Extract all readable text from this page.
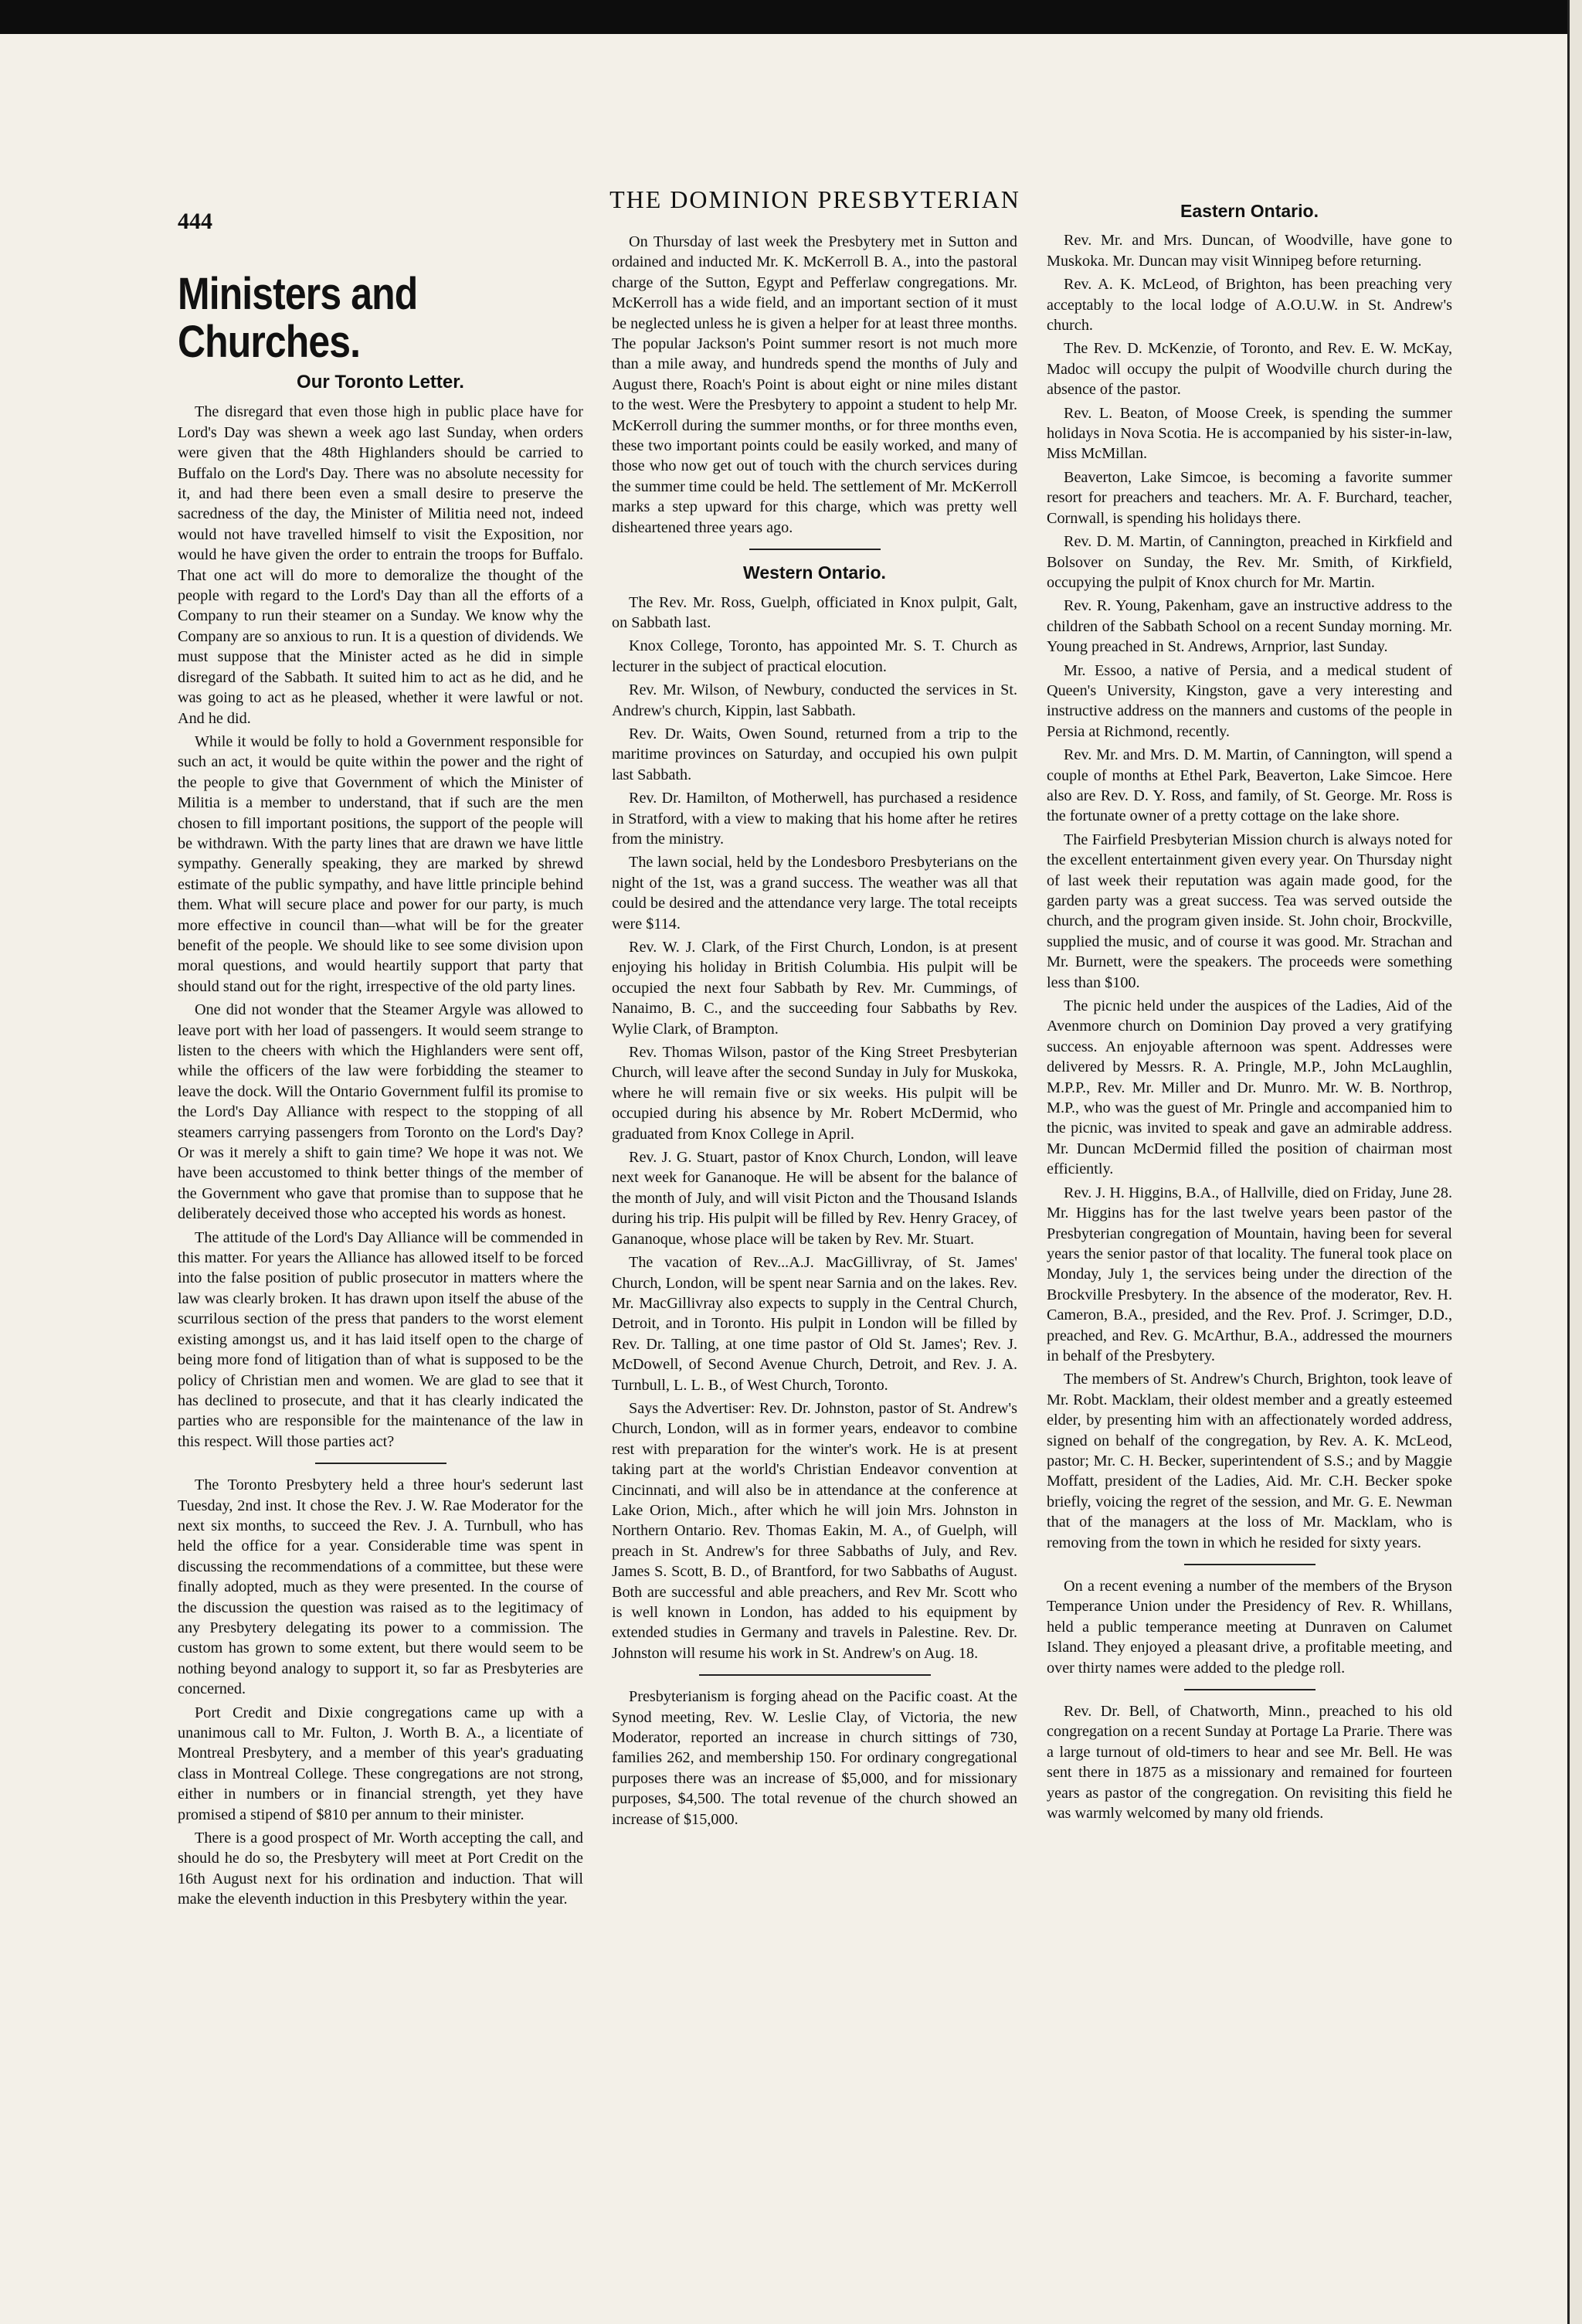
THE DOMINION PRESBYTERIAN
444
Ministers and Churches.
Our Toronto Letter.

The disregard that even those high in public place have for Lord's Day was shewn a week ago last Sunday, when orders were given that the 48th Highlanders should be carried to Buffalo on the Lord's Day. There was no absolute necessity for it, and had there been even a small desire to preserve the sacredness of the day, the Minister of Militia need not, indeed would not have travelled himself to visit the Exposition, nor would he have given the order to entrain the troops for Buffalo. That one act will do more to demoralize the thought of the people with regard to the Lord's Day than all the efforts of a Company to run their steamer on a Sunday. We know why the Company are so anxious to run. It is a question of dividends. We must suppose that the Minister acted as he did in simple disregard of the Sabbath. It suited him to act as he did, and he was going to act as he pleased, whether it were lawful or not. And he did.

While it would be folly to hold a Government responsible for such an act, it would be quite within the power and the right of the people to give that Government of which the Minister of Militia is a member to understand, that if such are the men chosen to fill important positions, the support of the people will be withdrawn. With the party lines that are drawn we have little sympathy. Generally speaking, they are marked by shrewd estimate of the public sympathy, and have little principle behind them. What will secure place and power for our party, is much more effective in council than—what will be for the greater benefit of the people. We should like to see some division upon moral questions, and would heartily support that party that should stand out for the right, irrespective of the old party lines.

One did not wonder that the Steamer Argyle was allowed to leave port with her load of passengers. It would seem strange to listen to the cheers with which the Highlanders were sent off, while the officers of the law were forbidding the steamer to leave the dock. Will the Ontario Government fulfil its promise to the Lord's Day Alliance with respect to the stopping of all steamers carrying passengers from Toronto on the Lord's Day? Or was it merely a shift to gain time? We hope it was not. We have been accustomed to think better things of the member of the Government who gave that promise than to suppose that he deliberately deceived those who accepted his words as honest.

The attitude of the Lord's Day Alliance will be commended in this matter. For years the Alliance has allowed itself to be forced into the false position of public prosecutor in matters where the law was clearly broken. It has drawn upon itself the abuse of the scurrilous section of the press that panders to the worst element existing amongst us, and it has laid itself open to the charge of being more fond of litigation than of what is supposed to be the policy of Christian men and women. We are glad to see that it has declined to prosecute, and that it has clearly indicated the parties who are responsible for the maintenance of the law in this respect. Will those parties act?

The Toronto Presbytery held a three hour's sederunt last Tuesday, 2nd inst. It chose the Rev. J. W. Rae Moderator for the next six months, to succeed the Rev. J. A. Turnbull, who has held the office for a year. Considerable time was spent in discussing the recommendations of a committee, but these were finally adopted, much as they were presented. In the course of the discussion the question was raised as to the legitimacy of any Presbytery delegating its power to a commission. The custom has grown to some extent, but there would seem to be nothing beyond analogy to support it, so far as Presbyteries are concerned.

Port Credit and Dixie congregations came up with a unanimous call to Mr. Fulton, J. Worth B. A., a licentiate of Montreal Presbytery, and a member of this year's graduating class in Montreal College. These congregations are not strong, either in numbers or in financial strength, yet they have promised a stipend of $810 per annum to their minister.

There is a good prospect of Mr. Worth accepting the call, and should he do so, the Presbytery will meet at Port Credit on the 16th August next for his ordination and induction. That will make the eleventh induction in this Presbytery within the year.

On Thursday of last week the Presbytery met in Sutton and ordained and inducted Mr. K. McKerroll B. A., into the pastoral charge of the Sutton, Egypt and Pefferlaw congregations. Mr. McKerroll has a wide field, and an important section of it must be neglected unless he is given a helper for at least three months. The popular Jackson's Point summer resort is not much more than a mile away, and hundreds spend the months of July and August there, Roach's Point is about eight or nine miles distant to the west. Were the Presbytery to appoint a student to help Mr. McKerroll during the summer months, or for three months even, these two important points could be easily worked, and many of those who now get out of touch with the church services during the summer time could be held. The settlement of Mr. McKerroll marks a step upward for this charge, which was pretty well disheartened three years ago.

Western Ontario.

The Rev. Mr. Ross, Guelph, officiated in Knox pulpit, Galt, on Sabbath last.

Knox College, Toronto, has appointed Mr. S. T. Church as lecturer in the subject of practical elocution.

Rev. Mr. Wilson, of Newbury, conducted the services in St. Andrew's church, Kippin, last Sabbath.

Rev. Dr. Waits, Owen Sound, returned from a trip to the maritime provinces on Saturday, and occupied his own pulpit last Sabbath.

Rev. Dr. Hamilton, of Motherwell, has purchased a residence in Stratford, with a view to making that his home after he retires from the ministry.

The lawn social, held by the Londesboro Presbyterians on the night of the 1st, was a grand success. The weather was all that could be desired and the attendance very large. The total receipts were $114.

Rev. W. J. Clark, of the First Church, London, is at present enjoying his holiday in British Columbia. His pulpit will be occupied the next four Sabbath by Rev. Mr. Cummings, of Nanaimo, B. C., and the succeeding four Sabbaths by Rev. Wylie Clark, of Brampton.

Rev. Thomas Wilson, pastor of the King Street Presbyterian Church, will leave after the second Sunday in July for Muskoka, where he will remain five or six weeks. His pulpit will be occupied during his absence by Mr. Robert McDermid, who graduated from Knox College in April.

Rev. J. G. Stuart, pastor of Knox Church, London, will leave next week for Gananoque. He will be absent for the balance of the month of July, and will visit Picton and the Thousand Islands during his trip. His pulpit will be filled by Rev. Henry Gracey, of Gananoque, whose place will be taken by Rev. Mr. Stuart.

The vacation of Rev...A.J. MacGillivray, of St. James' Church, London, will be spent near Sarnia and on the lakes. Rev. Mr. MacGillivray also expects to supply in the Central Church, Detroit, and in Toronto. His pulpit in London will be filled by Rev. Dr. Talling, at one time pastor of Old St. James'; Rev. J. McDowell, of Second Avenue Church, Detroit, and Rev. J. A. Turnbull, L. L. B., of West Church, Toronto.

Says the Advertiser: Rev. Dr. Johnston, pastor of St. Andrew's Church, London, will as in former years, endeavor to combine rest with preparation for the winter's work. He is at present taking part at the world's Christian Endeavor convention at Cincinnati, and will also be in attendance at the conference at Lake Orion, Mich., after which he will join Mrs. Johnston in Northern Ontario. Rev. Thomas Eakin, M. A., of Guelph, will preach in St. Andrew's for three Sabbaths of July, and Rev. James S. Scott, B. D., of Brantford, for two Sabbaths of August. Both are successful and able preachers, and Rev Mr. Scott who is well known in London, has added to his equipment by extended studies in Germany and travels in Palestine. Rev. Dr. Johnston will resume his work in St. Andrew's on Aug. 18.

Presbyterianism is forging ahead on the Pacific coast. At the Synod meeting, Rev. W. Leslie Clay, of Victoria, the new Moderator, reported an increase in church sittings of 730, families 262, and membership 150. For ordinary congregational purposes there was an increase of $5,000, and for missionary purposes, $4,500. The total revenue of the church showed an increase of $15,000.

Eastern Ontario.

Rev. Mr. and Mrs. Duncan, of Woodville, have gone to Muskoka. Mr. Duncan may visit Winnipeg before returning.

Rev. A. K. McLeod, of Brighton, has been preaching very acceptably to the local lodge of A.O.U.W. in St. Andrew's church.

The Rev. D. McKenzie, of Toronto, and Rev. E. W. McKay, Madoc will occupy the pulpit of Woodville church during the absence of the pastor.

Rev. L. Beaton, of Moose Creek, is spending the summer holidays in Nova Scotia. He is accompanied by his sister-in-law, Miss McMillan.

Beaverton, Lake Simcoe, is becoming a favorite summer resort for preachers and teachers. Mr. A. F. Burchard, teacher, Cornwall, is spending his holidays there.

Rev. D. M. Martin, of Cannington, preached in Kirkfield and Bolsover on Sunday, the Rev. Mr. Smith, of Kirkfield, occupying the pulpit of Knox church for Mr. Martin.

Rev. R. Young, Pakenham, gave an instructive address to the children of the Sabbath School on a recent Sunday morning. Mr. Young preached in St. Andrews, Arnprior, last Sunday.

Mr. Essoo, a native of Persia, and a medical student of Queen's University, Kingston, gave a very interesting and instructive address on the manners and customs of the people in Persia at Richmond, recently.

Rev. Mr. and Mrs. D. M. Martin, of Cannington, will spend a couple of months at Ethel Park, Beaverton, Lake Simcoe. Here also are Rev. D. Y. Ross, and family, of St. George. Mr. Ross is the fortunate owner of a pretty cottage on the lake shore.

The Fairfield Presbyterian Mission church is always noted for the excellent entertainment given every year. On Thursday night of last week their reputation was again made good, for the garden party was a great success. Tea was served outside the church, and the program given inside. St. John choir, Brockville, supplied the music, and of course it was good. Mr. Strachan and Mr. Burnett, were the speakers. The proceeds were something less than $100.

The picnic held under the auspices of the Ladies, Aid of the Avenmore church on Dominion Day proved a very gratifying success. An enjoyable afternoon was spent. Addresses were delivered by Messrs. R. A. Pringle, M.P., John McLaughlin, M.P.P., Rev. Mr. Miller and Dr. Munro. Mr. W. B. Northrop, M.P., who was the guest of Mr. Pringle and accompanied him to the picnic, was invited to speak and gave an admirable address. Mr. Duncan McDermid filled the position of chairman most efficiently.

Rev. J. H. Higgins, B.A., of Hallville, died on Friday, June 28. Mr. Higgins has for the last twelve years been pastor of the Presbyterian congregation of Mountain, having been for several years the senior pastor of that locality. The funeral took place on Monday, July 1, the services being under the direction of the Brockville Presbytery. In the absence of the moderator, Rev. H. Cameron, B.A., presided, and the Rev. Prof. J. Scrimger, D.D., preached, and Rev. G. McArthur, B.A., addressed the mourners in behalf of the Presbytery.

The members of St. Andrew's Church, Brighton, took leave of Mr. Robt. Macklam, their oldest member and a greatly esteemed elder, by presenting him with an affectionately worded address, signed on behalf of the congregation, by Rev. A. K. McLeod, pastor; Mr. C. H. Becker, superintendent of S.S.; and by Maggie Moffatt, president of the Ladies, Aid. Mr. C.H. Becker spoke briefly, voicing the regret of the session, and Mr. G. E. Newman that of the managers at the loss of Mr. Macklam, who is removing from the town in which he resided for sixty years.

On a recent evening a number of the members of the Bryson Temperance Union under the Presidency of Rev. R. Whillans, held a public temperance meeting at Dunraven on Calumet Island. They enjoyed a pleasant drive, a profitable meeting, and over thirty names were added to the pledge roll.

Rev. Dr. Bell, of Chatworth, Minn., preached to his old congregation on a recent Sunday at Portage La Prarie. There was a large turnout of old-timers to hear and see Mr. Bell. He was sent there in 1875 as a missionary and remained for fourteen years as pastor of the congregation. On revisiting this field he was warmly welcomed by many old friends.
